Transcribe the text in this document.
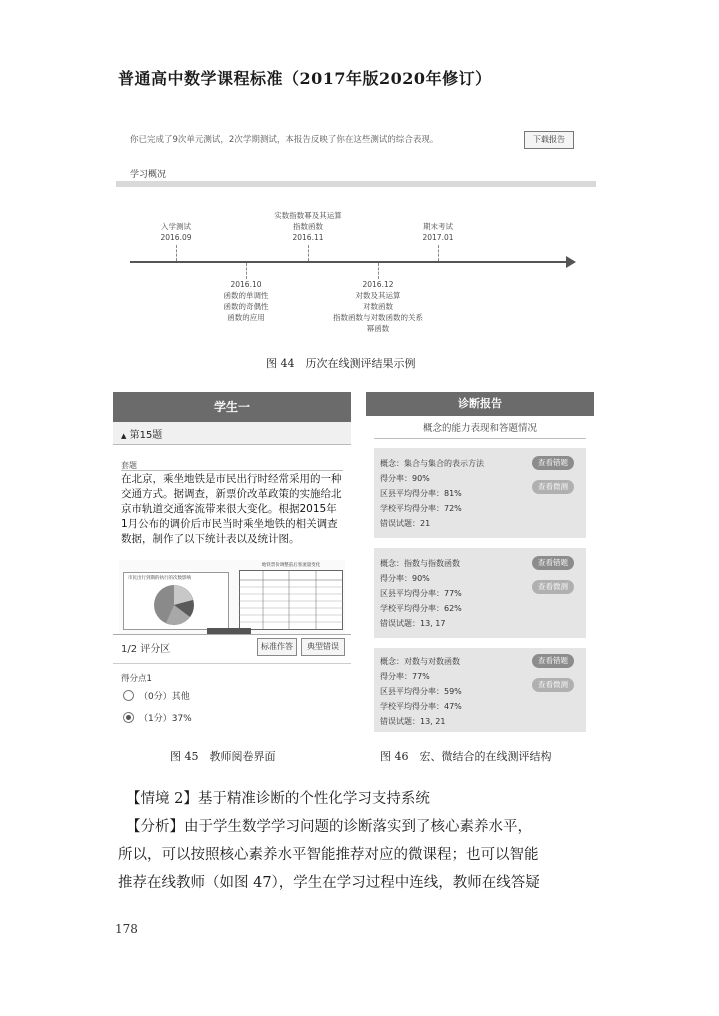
普通高中数学课程标准（2017年版2020年修订）
你已完成了9次单元测试，2次学期测试，本报告反映了你在这些测试的综合表现。	下载报告
学习概况
入学测试
2016.09
实数指数幂及其运算
指数函数
2016.11
期末考试
2017.01
2016.10
函数的单调性
函数的奇偶性
函数的应用
2016.12
对数及其运算
对数函数
指数函数与对数函数的关系
幂函数
图 44　历次在线测评结果示例
学生一
▲ 第15题
套题
在北京，乘坐地铁是市民出行时经常采用的一种交通方式。据调查，新票价改革政策的实施给北京市轨道交通客流带来很大变化。根据2015年1月公布的调价后市民当时乘坐地铁的相关调查数据，制作了以下统计表以及统计图。
市民出行到期的执行的次数影响
地铁票价调整前后客流量变化
1/2 评分区	标准作答	典型错误
得分点1
（0分）其他
（1分）37%
图 45　教师阅卷界面
诊断报告
概念的能力表现和答题情况
概念：集合与集合的表示方法
得分率：90%
区县平均得分率：81%
学校平均得分率：72%
错误试题：21
查看错题
查看微测
概念：指数与指数函数
得分率：90%
区县平均得分率：77%
学校平均得分率：62%
错误试题：13, 17
查看错题
查看微测
概念：对数与对数函数
得分率：77%
区县平均得分率：59%
学校平均得分率：47%
错误试题：13, 21
查看错题
查看微测
图 46　宏、微结合的在线测评结构
【情境 2】基于精准诊断的个性化学习支持系统
【分析】由于学生数学学习问题的诊断落实到了核心素养水平，
所以，可以按照核心素养水平智能推荐对应的微课程；也可以智能
推荐在线教师（如图 47），学生在学习过程中连线，教师在线答疑
178
